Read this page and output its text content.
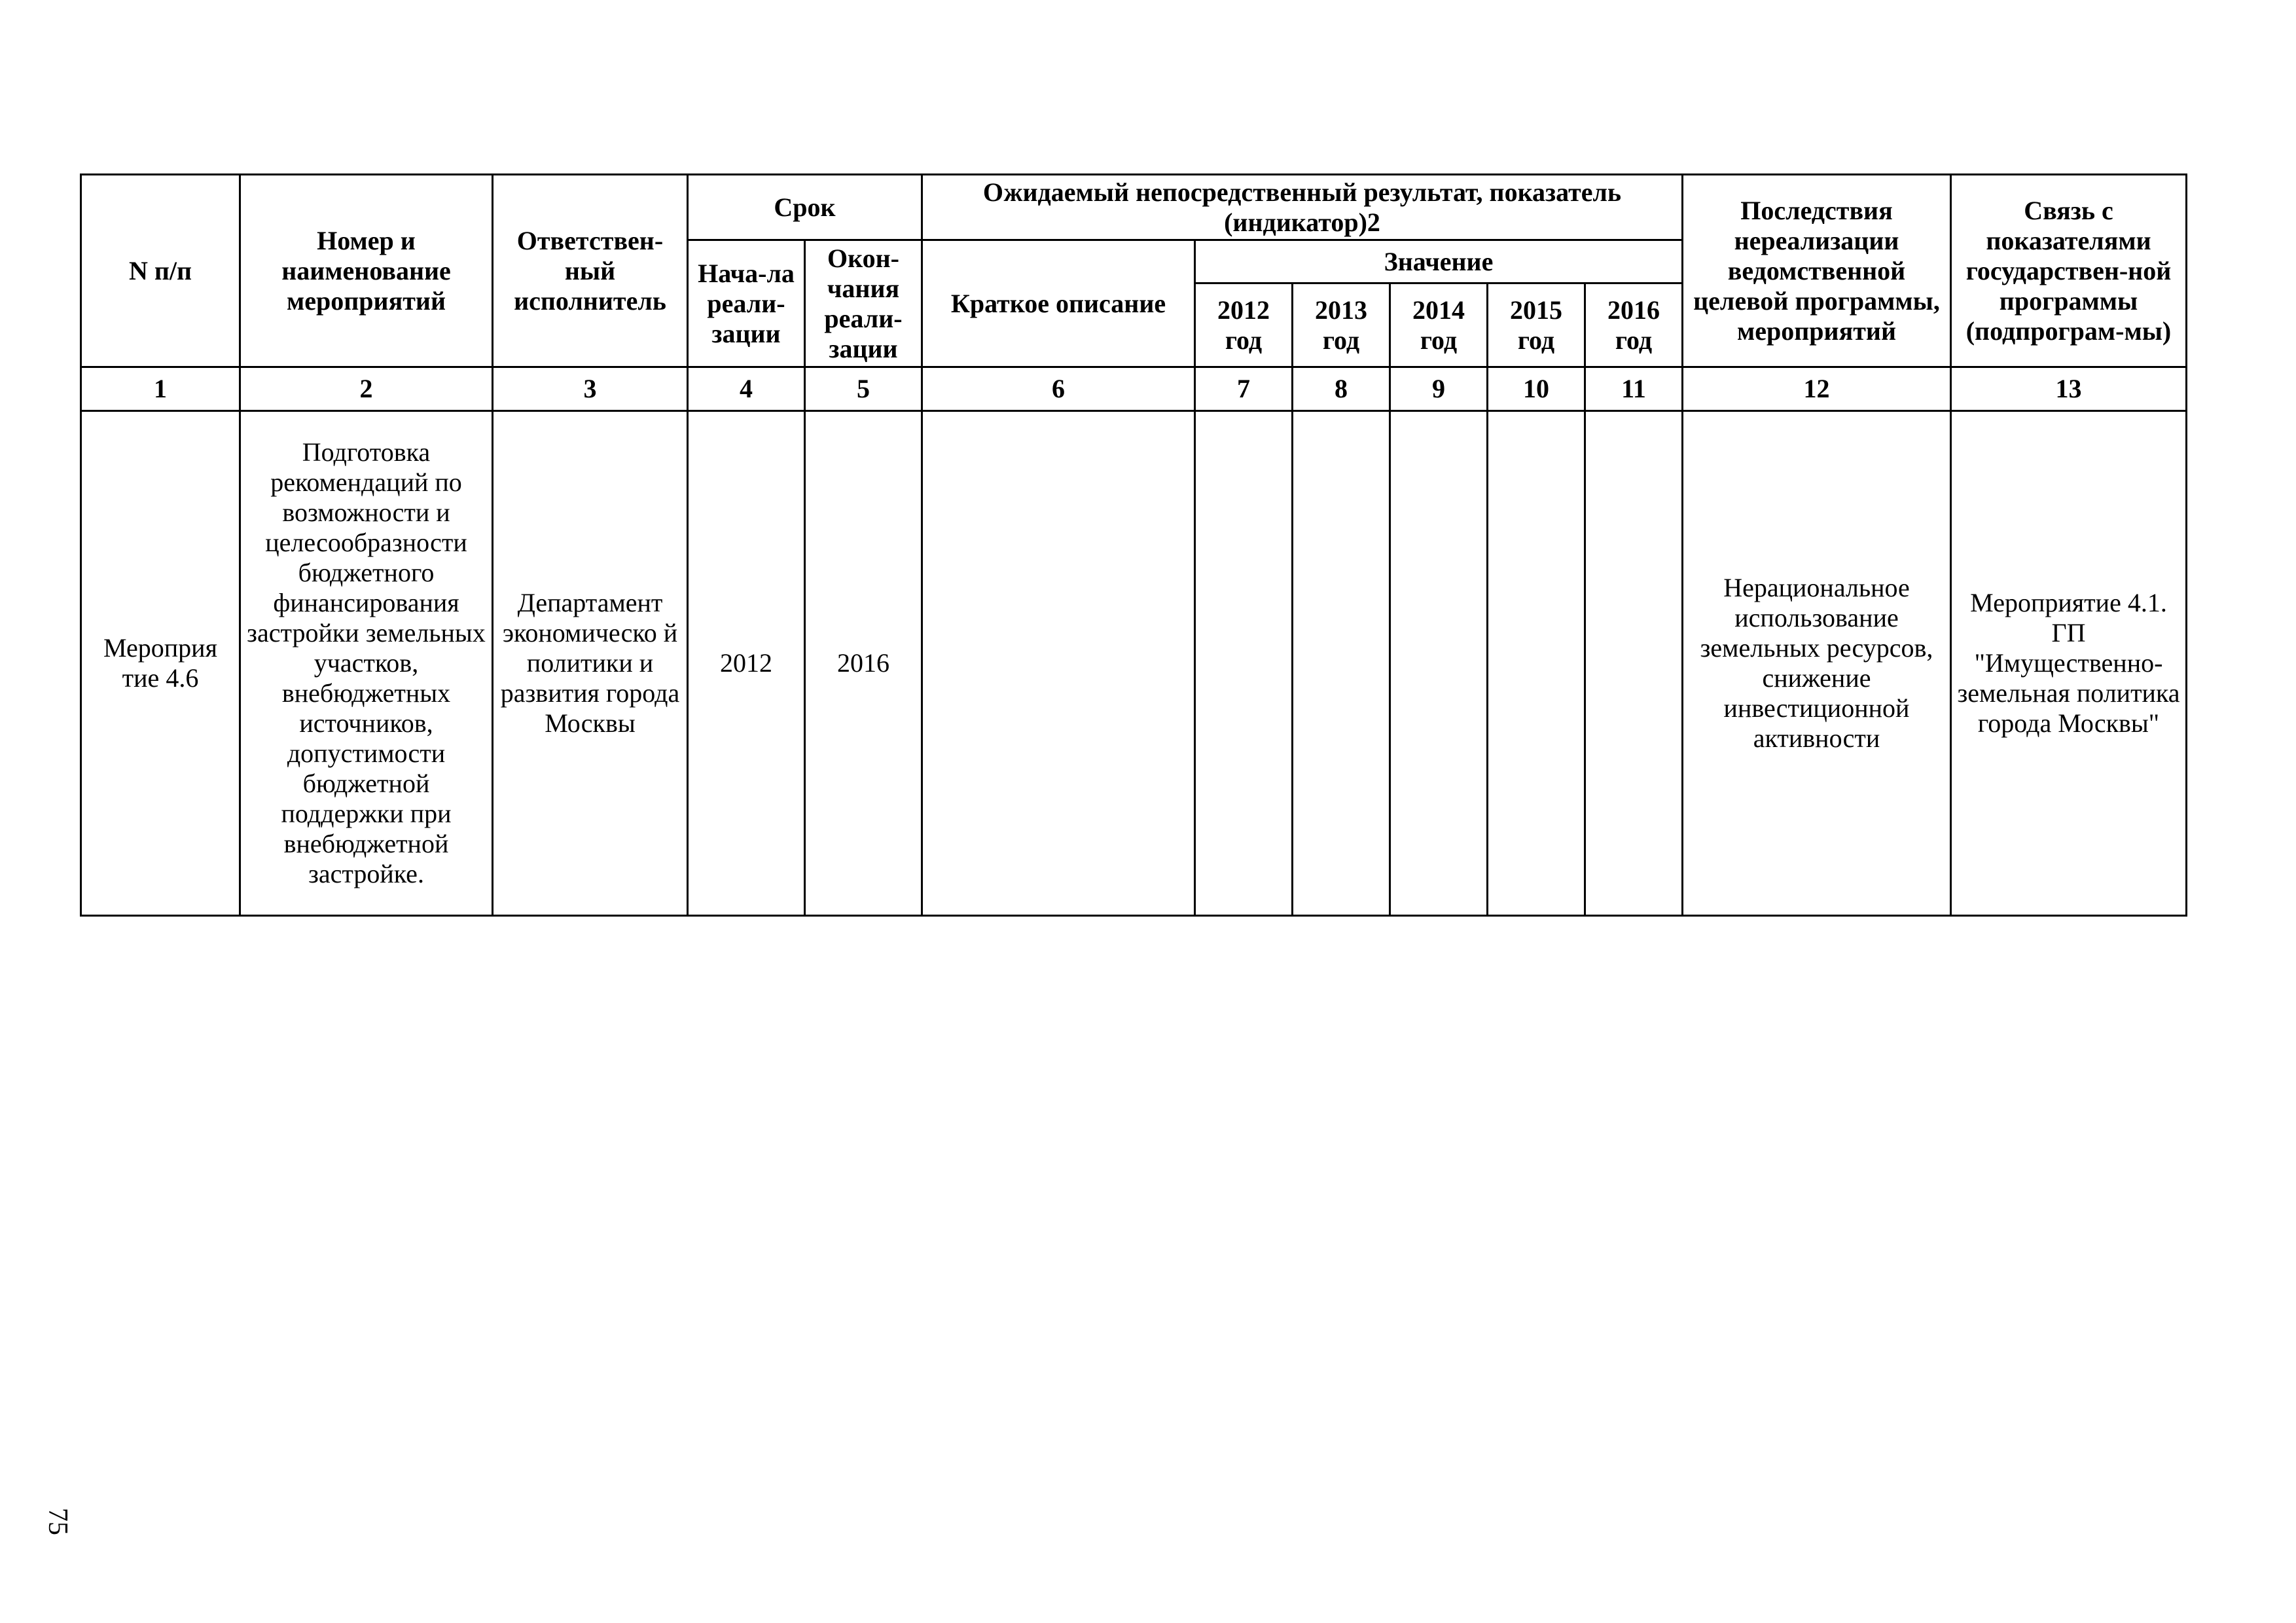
N п/п	Номер и наименование мероприятий	Ответствен-ный исполнитель	Срок		Ожидаемый непосредственный результат, показатель (индикатор)2						Последствия нереализации ведомственной целевой программы, мероприятий	Связь с показателями государствен-ной программы (подпрограм-мы)
			Нача-ла реали-зации	Окон-чания реали-зации	Краткое описание	Значение						
						2012 год	2013 год	2014 год	2015 год	2016 год		
1	2	3	4	5	6	7	8	9	10	11	12	13
Мероприя тие 4.6	Подготовка рекомендаций по возможности и целесообразности бюджетного финансирования застройки земельных участков, внебюджетных источников, допустимости бюджетной поддержки при внебюджетной застройке.	Департамент экономическо й политики и развития города Москвы	2012	2016							Нерациональное использование земельных ресурсов, снижение инвестиционной активности	Мероприятие 4.1. ГП "Имущественно-земельная политика города Москвы"
75
